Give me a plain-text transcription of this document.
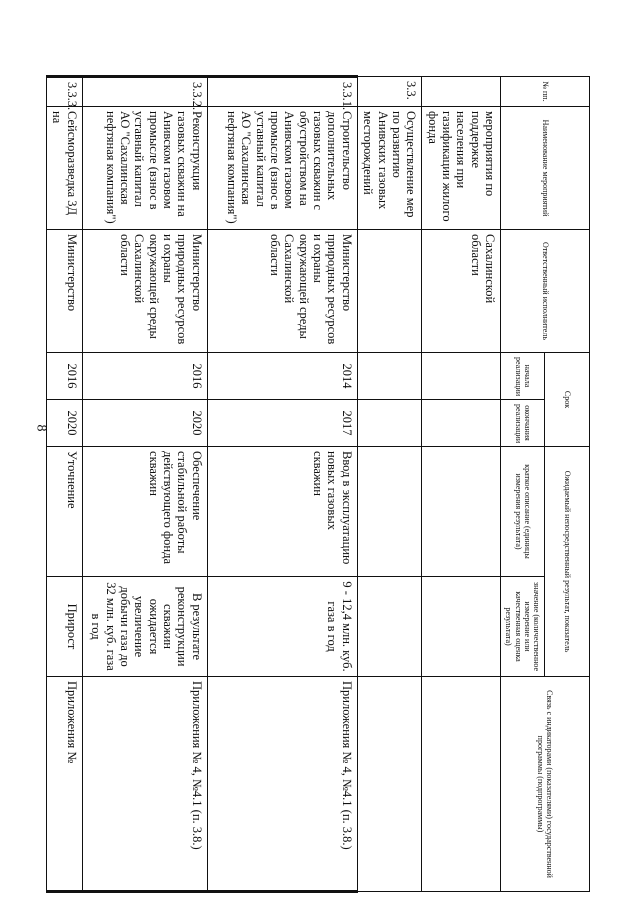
8
№ пп.	Наименование мероприятий	Ответственный исполнитель	Срок		Ожидаемый непосредственный результат, показатель		Связь с индикаторами (показателями) государственной программы (подпрограммы)
			начала реализации	окончания реализации	краткое описание (единицы измерения результата)	значение (количественное измерение или качественная оценка результата)	
	мероприятия по поддержке населения при газификации жилого фонда	Сахалинской области					
3.3.	Осуществление мер по развитию Анивских газовых месторождений						
3.3.1.	Строительство дополнительных газовых скважин с обустройством на Анивском газовом промысле (взнос в уставный капитал АО "Сахалинская нефтяная компания")	Министерство природных ресурсов и охраны окружающей среды Сахалинской области	2014	2017	Ввод в эксплуатацию новых газовых скважин	9 - 12,4 млн. куб. газа в год	Приложения № 4, №4.1 (п. 3.8.)
3.3.2.	Реконструкция газовых скважин на Анивском газовом промысле (взнос в уставный капитал АО "Сахалинская нефтяная компания")	Министерство природных ресурсов и охраны окружающей среды Сахалинской области	2016	2020	Обеспечение стабильной работы действующего фонда скважин	В результате реконструкции скважин ожидается увеличение добычи газа до 32 млн. куб. газа в год	Приложения № 4, №4.1 (п. 3.8.)
3.3.3.	Сейсморазведка 3Д на	Министерство	2016	2020	Уточнение	Прирост	Приложения №
